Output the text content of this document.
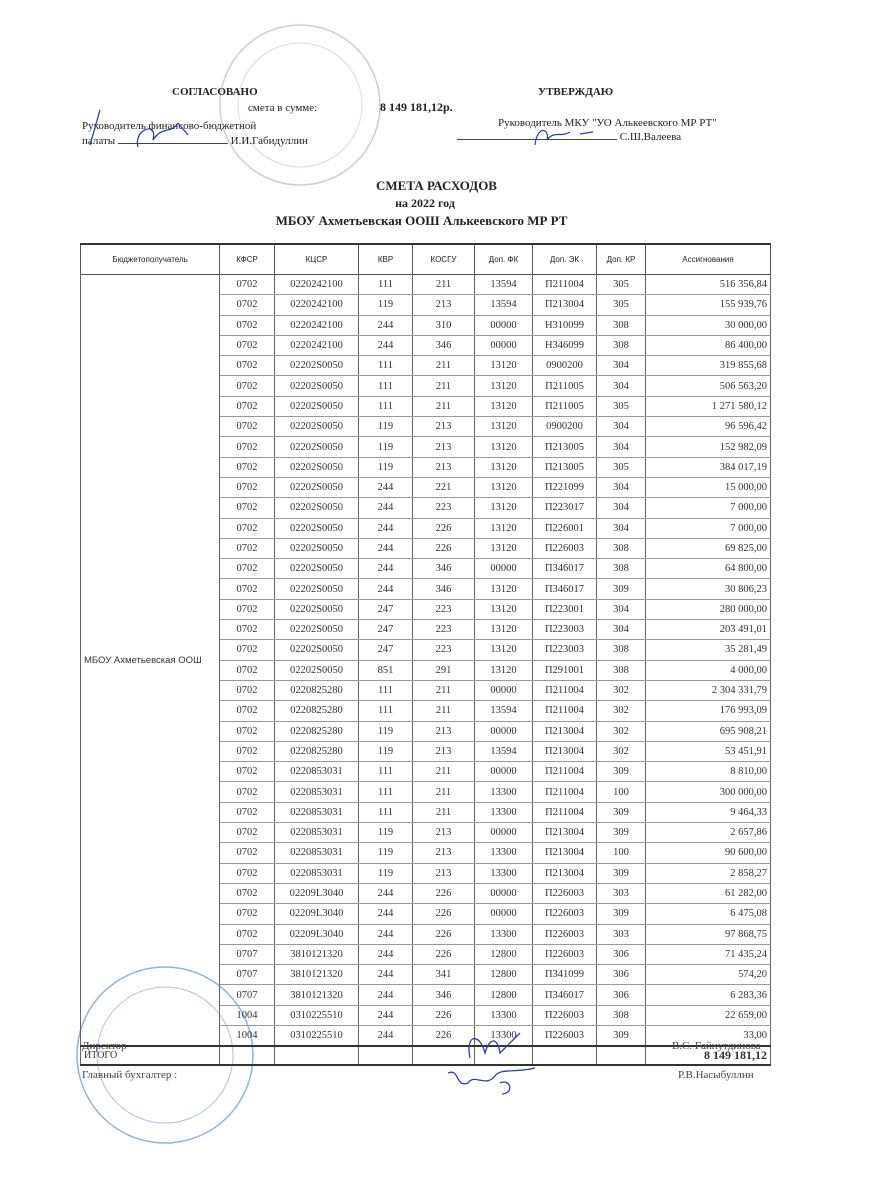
СОГЛАСОВАНО
смета в сумме:	8 149 181,12р.
Руководитель финансово-бюджетной
палаты	И.И.Габидуллин
УТВЕРЖДАЮ
Руководитель МКУ "УО Алькеевского МР РТ"
С.Ш.Валеева
СМЕТА РАСХОДОВ
на 2022 год
МБОУ Ахметьевская ООШ Алькеевского МР РТ
Бюджетополучатель	КФСР	КЦСР	КВР	КОСГУ	Доп. ФК	Доп. ЭК	Доп. КР	Ассигнования
МБОУ Ахметьевская ООШ	0702	0220242100	111	211	13594	П211004	305	516 356,84
	0702	0220242100	119	213	13594	П213004	305	155 939,76
	0702	0220242100	244	310	00000	Н310099	308	30 000,00
	0702	0220242100	244	346	00000	Н346099	308	86 400,00
	0702	02202S0050	111	211	13120	0900200	304	319 855,68
	0702	02202S0050	111	211	13120	П211005	304	506 563,20
	0702	02202S0050	111	211	13120	П211005	305	1 271 580,12
	0702	02202S0050	119	213	13120	0900200	304	96 596,42
	0702	02202S0050	119	213	13120	П213005	304	152 982,09
	0702	02202S0050	119	213	13120	П213005	305	384 017,19
	0702	02202S0050	244	221	13120	П221099	304	15 000,00
	0702	02202S0050	244	223	13120	П223017	304	7 000,00
	0702	02202S0050	244	226	13120	П226001	304	7 000,00
	0702	02202S0050	244	226	13120	П226003	308	69 825,00
	0702	02202S0050	244	346	00000	П346017	308	64 800,00
	0702	02202S0050	244	346	13120	П346017	309	30 806,23
	0702	02202S0050	247	223	13120	П223001	304	280 000,00
	0702	02202S0050	247	223	13120	П223003	304	203 491,01
	0702	02202S0050	247	223	13120	П223003	308	35 281,49
	0702	02202S0050	851	291	13120	П291001	308	4 000,00
	0702	0220825280	111	211	00000	П211004	302	2 304 331,79
	0702	0220825280	111	211	13594	П211004	302	176 993,09
	0702	0220825280	119	213	00000	П213004	302	695 908,21
	0702	0220825280	119	213	13594	П213004	302	53 451,91
	0702	0220853031	111	211	00000	П211004	309	8 810,00
	0702	0220853031	111	211	13300	П211004	100	300 000,00
	0702	0220853031	111	211	13300	П211004	309	9 464,33
	0702	0220853031	119	213	00000	П213004	309	2 657,86
	0702	0220853031	119	213	13300	П213004	100	90 600,00
	0702	0220853031	119	213	13300	П213004	309	2 858,27
	0702	02209L3040	244	226	00000	П226003	303	61 282,00
	0702	02209L3040	244	226	00000	П226003	309	6 475,08
	0702	02209L3040	244	226	13300	П226003	303	97 868,75
	0707	3810121320	244	226	12800	П226003	306	71 435,24
	0707	3810121320	244	341	12800	П341099	306	574,20
	0707	3810121320	244	346	12800	П346017	306	6 283,36
	1004	0310225510	244	226	13300	П226003	308	22 659,00
	1004	0310225510	244	226	13300	П226003	309	33,00
ИТОГО								8 149 181,12
Директор	В.С. Гайнутдинова
Главный бухгалтер :	Р.В.Насыбуллин
